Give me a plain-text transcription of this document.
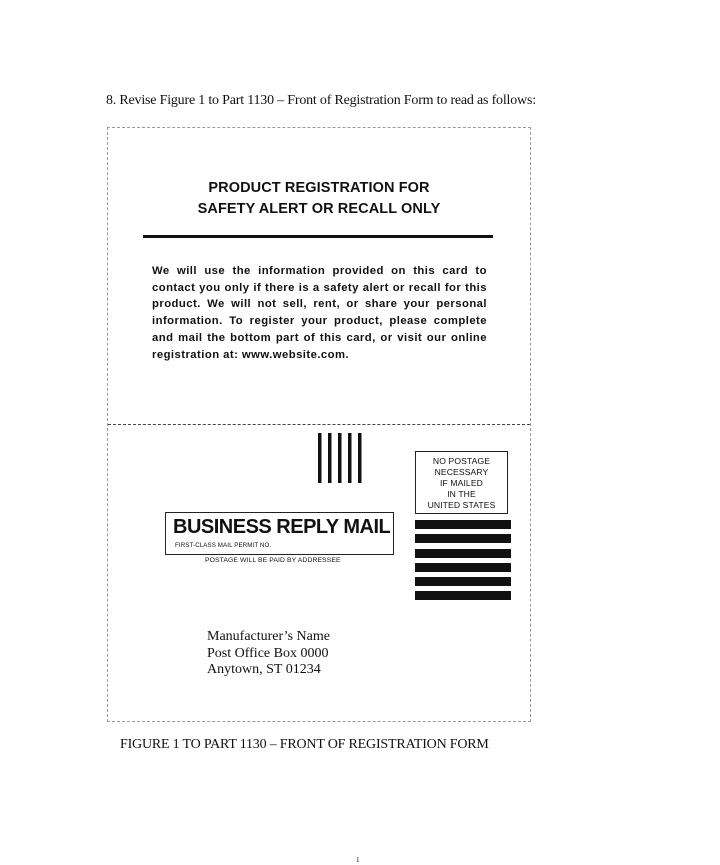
8. Revise Figure 1 to Part 1130 – Front of Registration Form to read as follows:
PRODUCT REGISTRATION FOR
SAFETY ALERT OR RECALL ONLY
We will use the information provided on this card to contact you only if there is a safety alert or recall for this product. We will not sell, rent, or share your personal information. To register your product, please complete and mail the bottom part of this card, or visit our online registration at: www.website.com.
NO POSTAGE
NECESSARY
IF MAILED
IN THE
UNITED STATES
BUSINESS REPLY MAIL
FIRST-CLASS MAIL PERMIT NO.
POSTAGE WILL BE PAID BY ADDRESSEE
Manufacturer’s Name
Post Office Box 0000
Anytown, ST 01234
FIGURE 1 TO PART 1130 – FRONT OF REGISTRATION FORM
1
